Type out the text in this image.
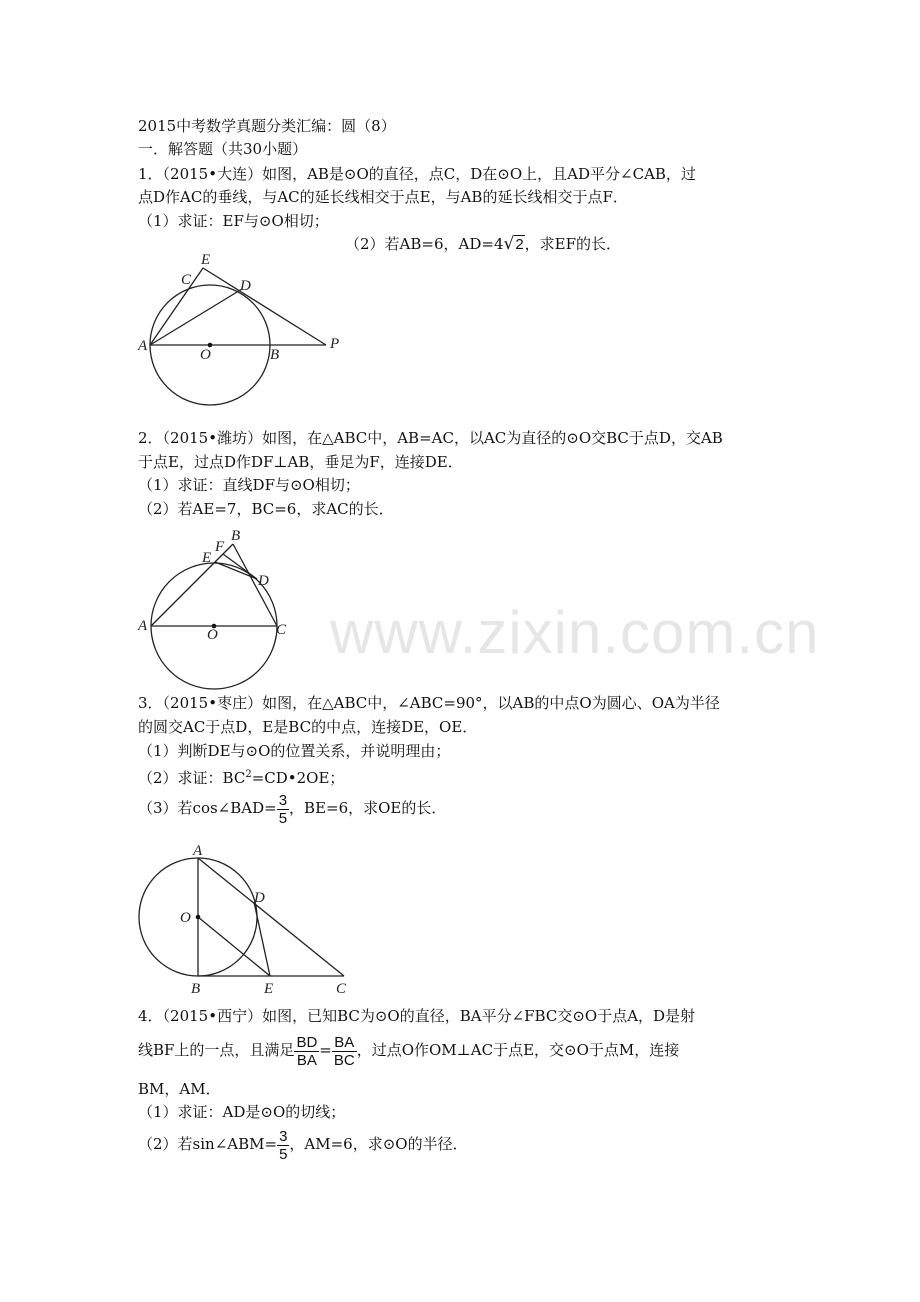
www.zixin.com.cn
2015中考数学真题分类汇编：圆（8）
一．解答题（共30小题）
1．（2015•大连）如图，AB是⊙O的直径，点C，D在⊙O上，且AD平分∠CAB，过
点D作AC的垂线，与AC的延长线相交于点E，与AB的延长线相交于点F．
（1）求证：EF与⊙O相切；
（2）若AB=6，AD=4√2，求EF的长．
A
C
E
D
O	B
P
2．（2015•潍坊）如图，在△ABC中，AB=AC，以AC为直径的⊙O交BC于点D，交AB
于点E，过点D作DF⊥AB，垂足为F，连接DE．
（1）求证：直线DF与⊙O相切；
（2）若AE=7，BC=6，求AC的长．
A
B
C
D
E
F
O
3．（2015•枣庄）如图，在△ABC中，∠ABC=90°，以AB的中点O为圆心、OA为半径
的圆交AC于点D，E是BC的中点，连接DE，OE．
（1）判断DE与⊙O的位置关系，并说明理由；
（2）求证：$BC^2=CD•2OE$；
（3）若cos∠BAD= $\frac{3}{5}$ ，BE=6，求OE的长．
A
O
D
B	E	C
4．（2015•西宁）如图，已知BC为⊙O的直径，BA平分∠FBC交⊙O于点A，D是射
线BF上的一点，且满足 $\frac{BD}{BA} = \frac{BA}{BC}$ ，过点O作OM⊥AC于点E，交⊙O于点M，连接
BM，AM．
（1）求证：AD是⊙O的切线；
（2）若sin∠ABM= $\frac{3}{5}$ ，AM=6，求⊙O的半径．
